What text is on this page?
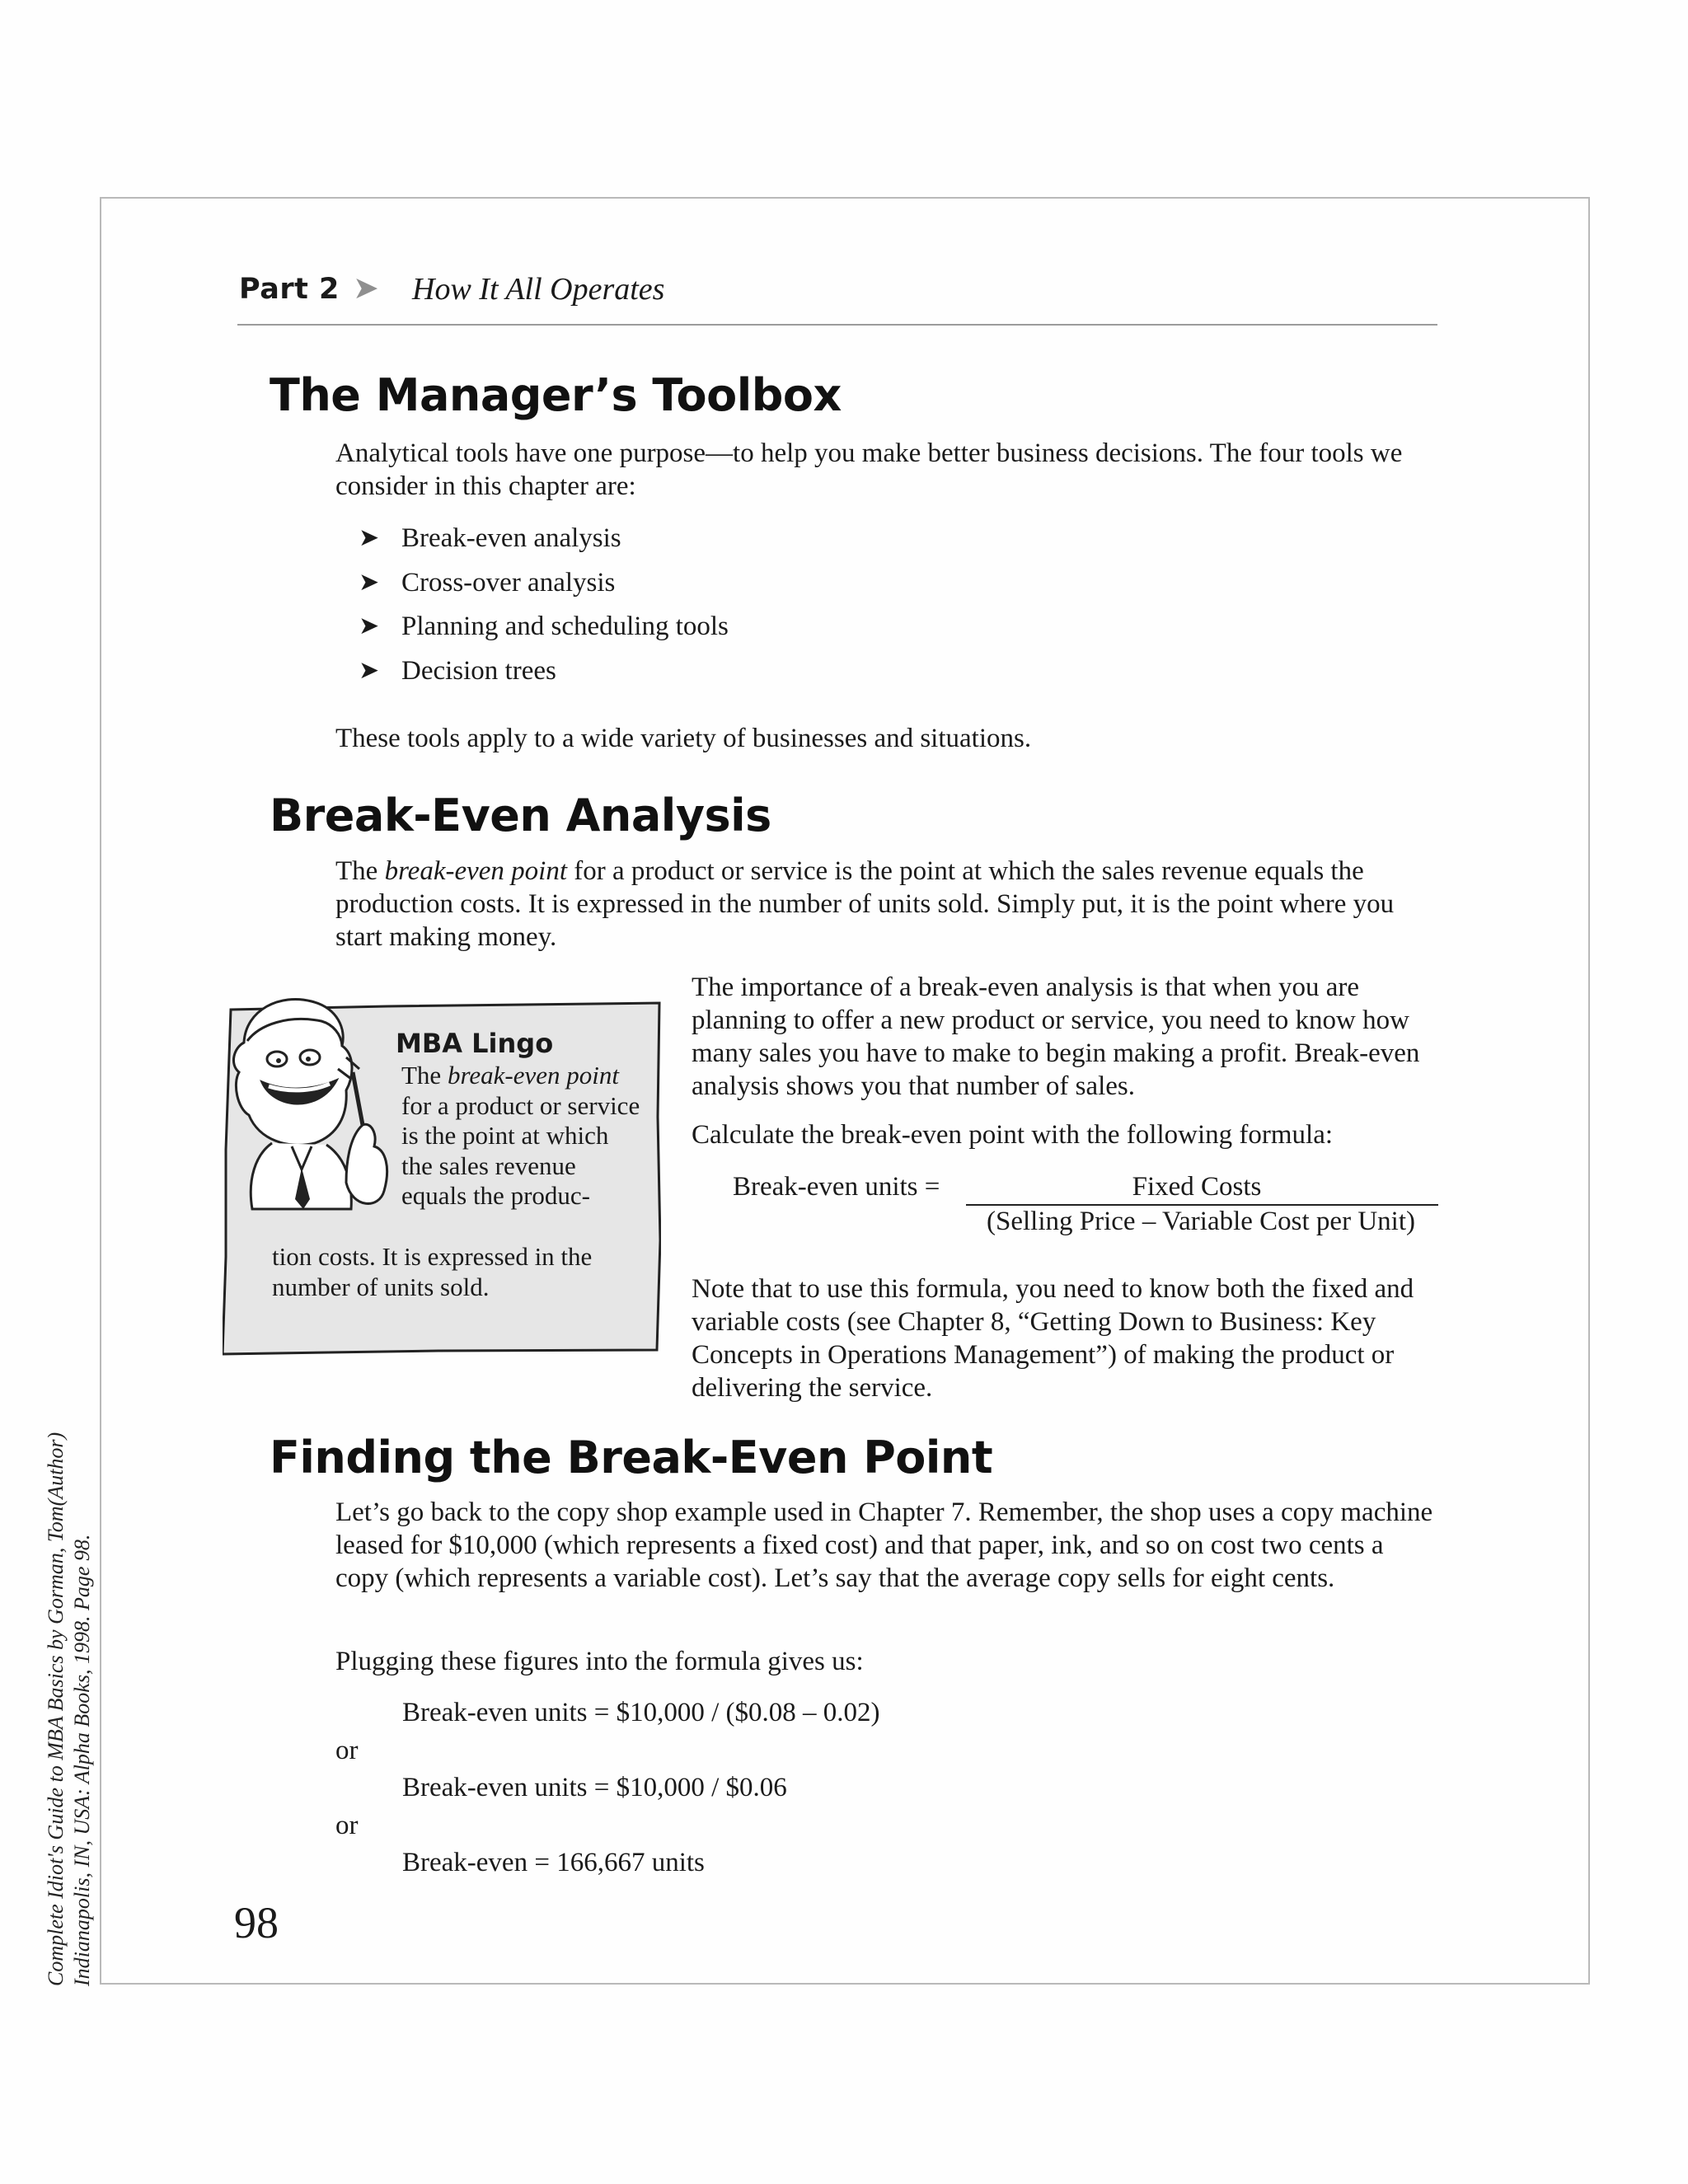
Complete Idiot's Guide to MBA Basics by Gorman, Tom(Author) Indianapolis, IN, USA: Alpha Books, 1998. Page 98.
Part 2 ➤ How It All Operates
The Manager’s Toolbox

Analytical tools have one purpose—to help you make better business decisions. The four tools we consider in this chapter are:

➤ Break-even analysis
➤ Cross-over analysis
➤ Planning and scheduling tools
➤ Decision trees

These tools apply to a wide variety of businesses and situations.

Break-Even Analysis

The break-even point for a product or service is the point at which the sales revenue equals the production costs. It is expressed in the number of units sold. Simply put, it is the point where you start making money.

MBA Lingo
The break-even point for a product or service is the point at which the sales revenue equals the produc-
tion costs. It is expressed in the number of units sold.

The importance of a break-even analysis is that when you are planning to offer a new product or service, you need to know how many sales you have to make to begin making a profit. Break-even analysis shows you that number of sales.

Calculate the break-even point with the following formula:

Break-even units =	Fixed Costs
(Selling Price – Variable Cost per Unit)

Note that to use this formula, you need to know both the fixed and variable costs (see Chapter 8, “Getting Down to Business: Key Concepts in Operations Management”) of making the product or delivering the service.

Finding the Break-Even Point

Let’s go back to the copy shop example used in Chapter 7. Remember, the shop uses a copy machine leased for $10,000 (which represents a fixed cost) and that paper, ink, and so on cost two cents a copy (which represents a variable cost). Let’s say that the average copy sells for eight cents.

Plugging these figures into the formula gives us:

Break-even units = $10,000 / ($0.08 – 0.02)
or
Break-even units = $10,000 / $0.06
or
Break-even = 166,667 units
98
